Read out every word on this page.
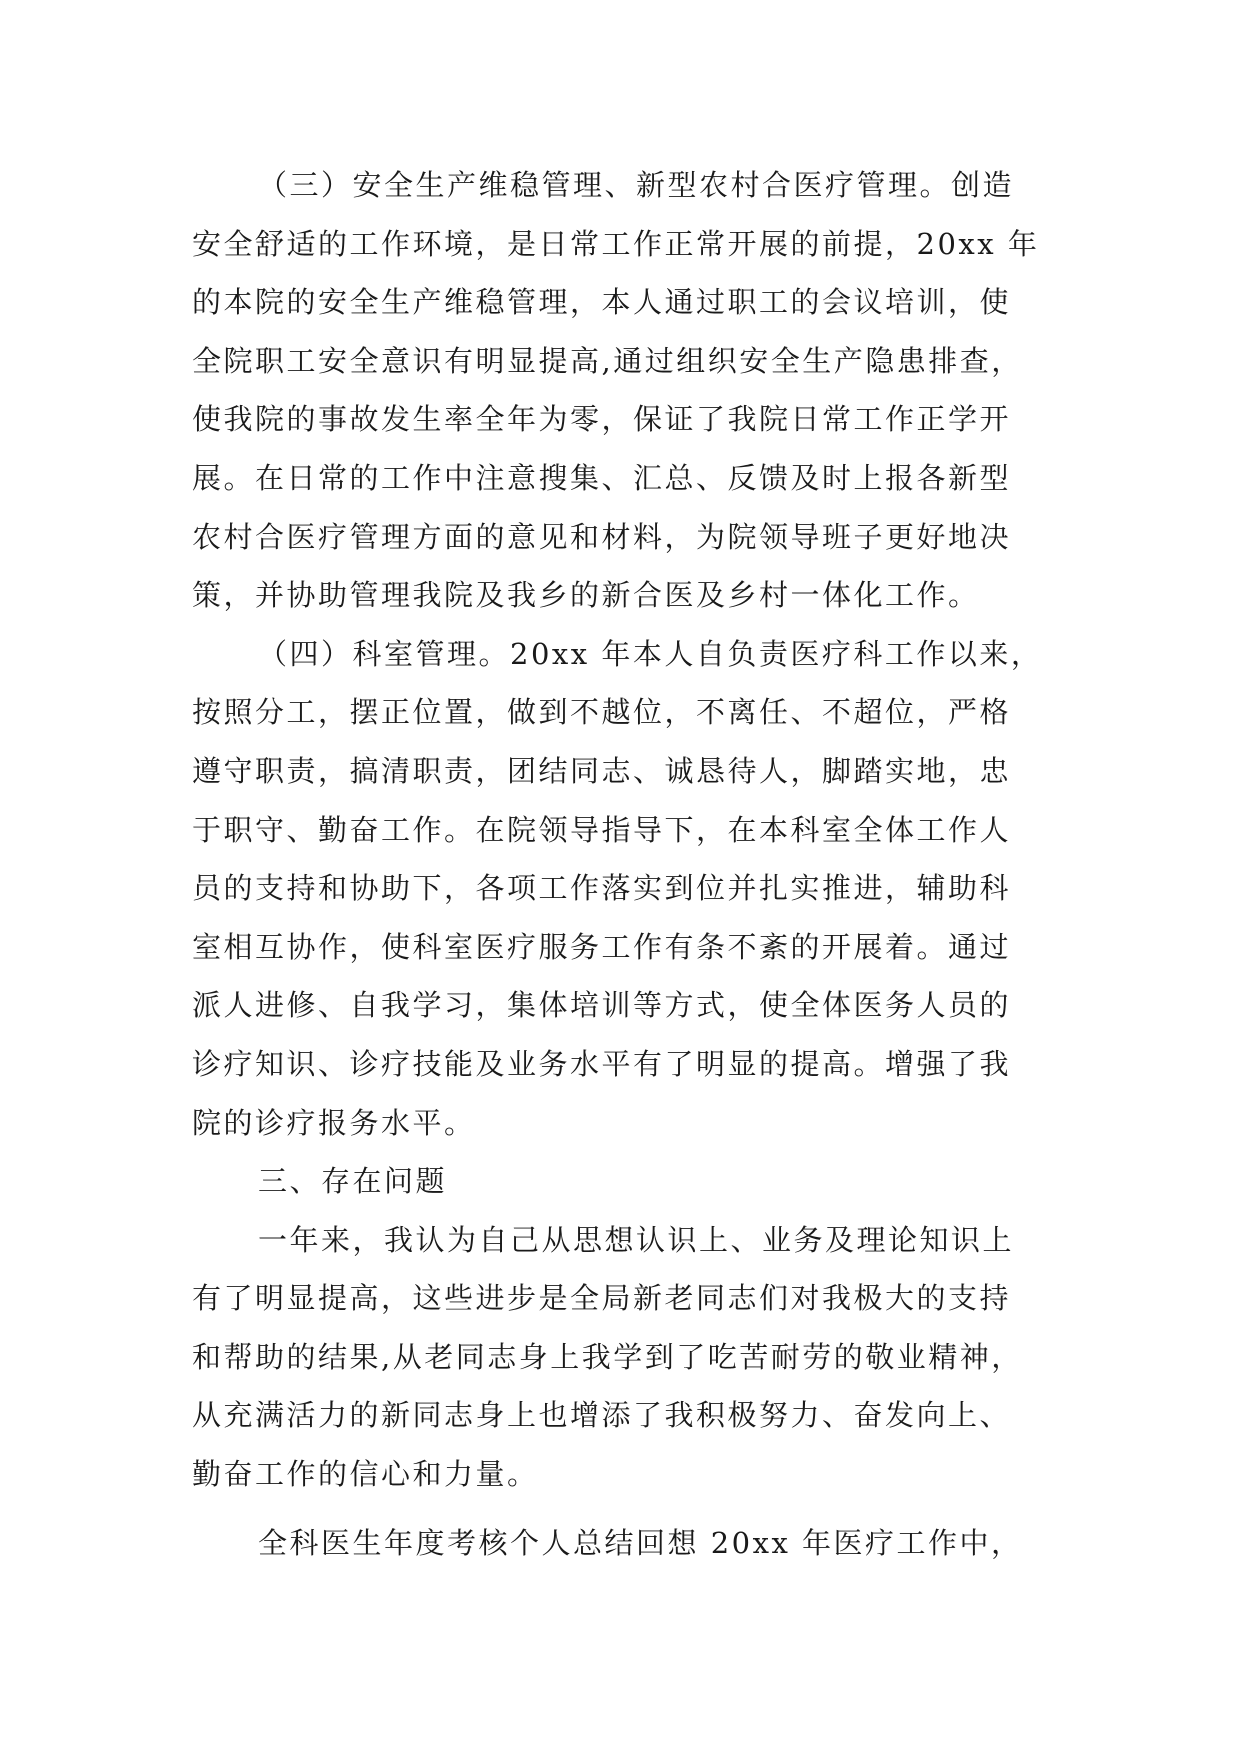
（三）安全生产维稳管理、新型农村合医疗管理。创造
安全舒适的工作环境，是日常工作正常开展的前提，20xx 年
的本院的安全生产维稳管理，本人通过职工的会议培训，使
全院职工安全意识有明显提高,通过组织安全生产隐患排查，
使我院的事故发生率全年为零，保证了我院日常工作正学开
展。在日常的工作中注意搜集、汇总、反馈及时上报各新型
农村合医疗管理方面的意见和材料，为院领导班子更好地决
策，并协助管理我院及我乡的新合医及乡村一体化工作。
（四）科室管理。20xx 年本人自负责医疗科工作以来，
按照分工，摆正位置，做到不越位，不离任、不超位，严格
遵守职责，搞清职责，团结同志、诚恳待人，脚踏实地，忠
于职守、勤奋工作。在院领导指导下，在本科室全体工作人
员的支持和协助下，各项工作落实到位并扎实推进，辅助科
室相互协作，使科室医疗服务工作有条不紊的开展着。通过
派人进修、自我学习，集体培训等方式，使全体医务人员的
诊疗知识、诊疗技能及业务水平有了明显的提高。增强了我
院的诊疗报务水平。
三、存在问题
一年来，我认为自己从思想认识上、业务及理论知识上
有了明显提高，这些进步是全局新老同志们对我极大的支持
和帮助的结果,从老同志身上我学到了吃苦耐劳的敬业精神，
从充满活力的新同志身上也增添了我积极努力、奋发向上、
勤奋工作的信心和力量。
全科医生年度考核个人总结回想 20xx 年医疗工作中，
